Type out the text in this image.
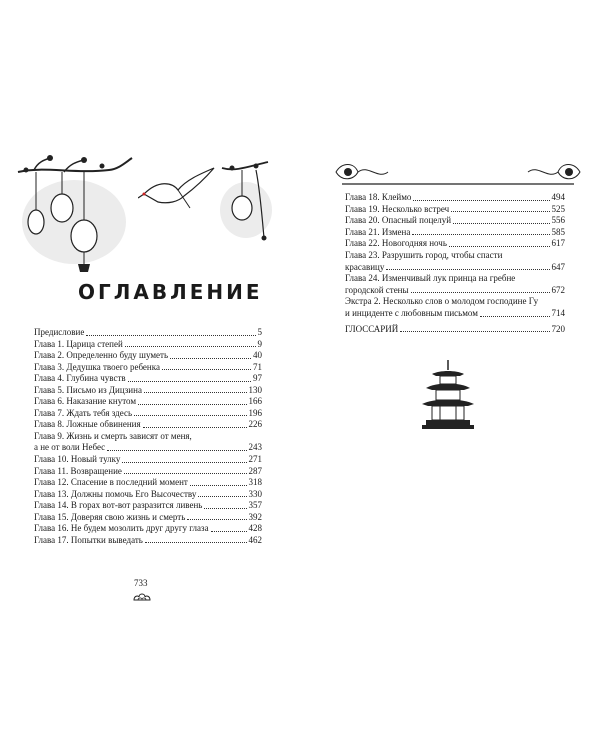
ОГЛАВЛЕНИЕ
Предисловие	5
Глава 1. Царица степей	9
Глава 2. Определенно буду шуметь	40
Глава 3. Дедушка твоего ребенка	71
Глава 4. Глубина чувств	97
Глава 5. Письмо из Дицзина	130
Глава 6. Наказание кнутом	166
Глава 7. Ждать тебя здесь	196
Глава 8. Ложные обвинения	226
Глава 9. Жизнь и смерть зависят от меня,
а не от воли Небес	243
Глава 10. Новый тулку	271
Глава 11. Возвращение	287
Глава 12. Спасение в последний момент	318
Глава 13. Должны помочь Его Высочеству	330
Глава 14. В горах вот-вот разразится ливень	357
Глава 15. Доверяя свою жизнь и смерть	392
Глава 16. Не будем мозолить друг другу глаза	428
Глава 17. Попытки выведать	462
733
Глава 18. Клеймо	494
Глава 19. Несколько встреч	525
Глава 20. Опасный поцелуй	556
Глава 21. Измена	585
Глава 22. Новогодняя ночь	617
Глава 23. Разрушить город, чтобы спасти
красавицу	647
Глава 24. Изменчивый лук принца на гребне
городской стены	672
Экстра 2. Несколько слов о молодом господине Гу
и инциденте с любовным письмом	714
ГЛОССАРИЙ	720
